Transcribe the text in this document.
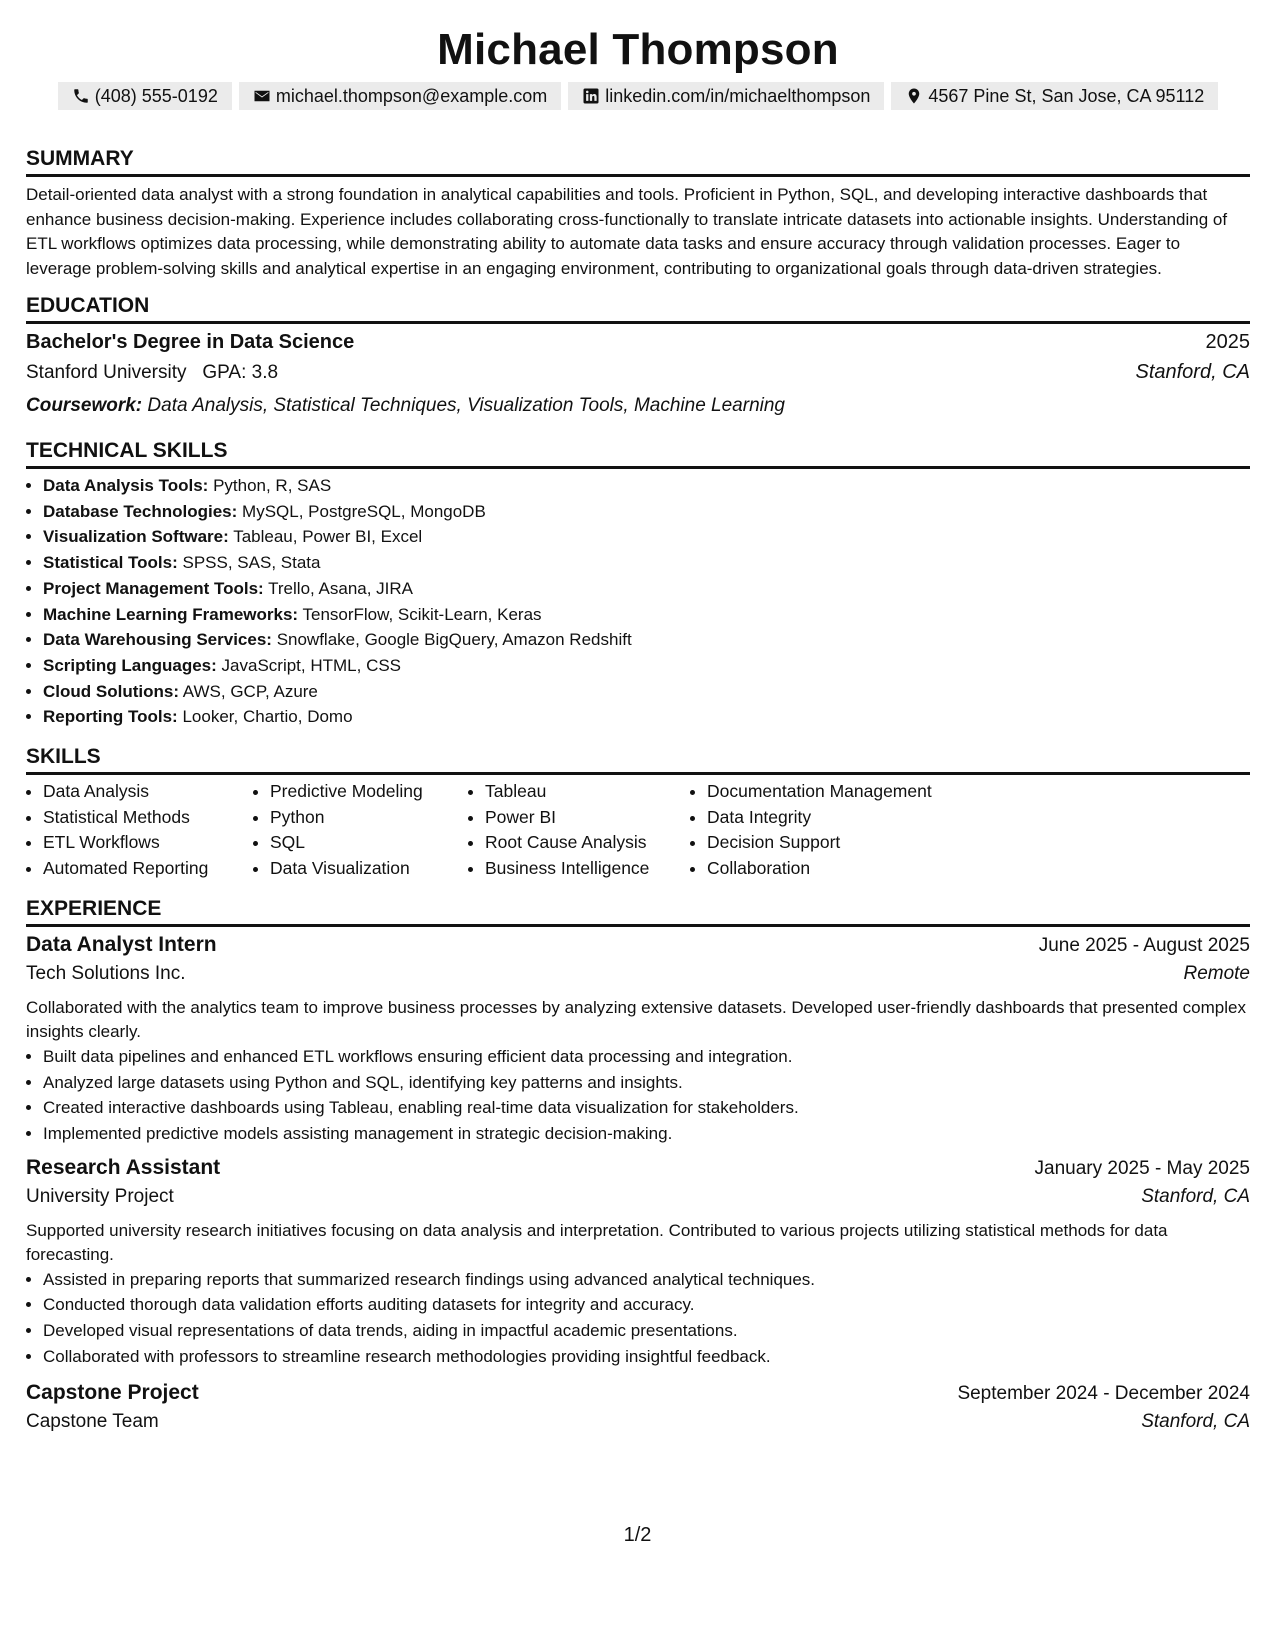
Michael Thompson
(408) 555-0192	michael.thompson@example.com	linkedin.com/in/michaelthompson	4567 Pine St, San Jose, CA 95112
SUMMARY
Detail-oriented data analyst with a strong foundation in analytical capabilities and tools. Proficient in Python, SQL, and developing interactive dashboards that enhance business decision-making. Experience includes collaborating cross-functionally to translate intricate datasets into actionable insights. Understanding of ETL workflows optimizes data processing, while demonstrating ability to automate data tasks and ensure accuracy through validation processes. Eager to leverage problem-solving skills and analytical expertise in an engaging environment, contributing to organizational goals through data-driven strategies.
EDUCATION
Bachelor's Degree in Data Science	2025
Stanford University GPA: 3.8	Stanford, CA
Coursework: Data Analysis, Statistical Techniques, Visualization Tools, Machine Learning
TECHNICAL SKILLS
• Data Analysis Tools: Python, R, SAS
• Database Technologies: MySQL, PostgreSQL, MongoDB
• Visualization Software: Tableau, Power BI, Excel
• Statistical Tools: SPSS, SAS, Stata
• Project Management Tools: Trello, Asana, JIRA
• Machine Learning Frameworks: TensorFlow, Scikit-Learn, Keras
• Data Warehousing Services: Snowflake, Google BigQuery, Amazon Redshift
• Scripting Languages: JavaScript, HTML, CSS
• Cloud Solutions: AWS, GCP, Azure
• Reporting Tools: Looker, Chartio, Domo
SKILLS
• Data Analysis
• Statistical Methods
• ETL Workflows
• Automated Reporting
• Predictive Modeling
• Python
• SQL
• Data Visualization
• Tableau
• Power BI
• Root Cause Analysis
• Business Intelligence
• Documentation Management
• Data Integrity
• Decision Support
• Collaboration
EXPERIENCE
Data Analyst Intern	June 2025 - August 2025
Tech Solutions Inc.	Remote
Collaborated with the analytics team to improve business processes by analyzing extensive datasets. Developed user-friendly dashboards that presented complex insights clearly.
• Built data pipelines and enhanced ETL workflows ensuring efficient data processing and integration.
• Analyzed large datasets using Python and SQL, identifying key patterns and insights.
• Created interactive dashboards using Tableau, enabling real-time data visualization for stakeholders.
• Implemented predictive models assisting management in strategic decision-making.
Research Assistant	January 2025 - May 2025
University Project	Stanford, CA
Supported university research initiatives focusing on data analysis and interpretation. Contributed to various projects utilizing statistical methods for data forecasting.
• Assisted in preparing reports that summarized research findings using advanced analytical techniques.
• Conducted thorough data validation efforts auditing datasets for integrity and accuracy.
• Developed visual representations of data trends, aiding in impactful academic presentations.
• Collaborated with professors to streamline research methodologies providing insightful feedback.
Capstone Project	September 2024 - December 2024
Capstone Team	Stanford, CA
1/2
